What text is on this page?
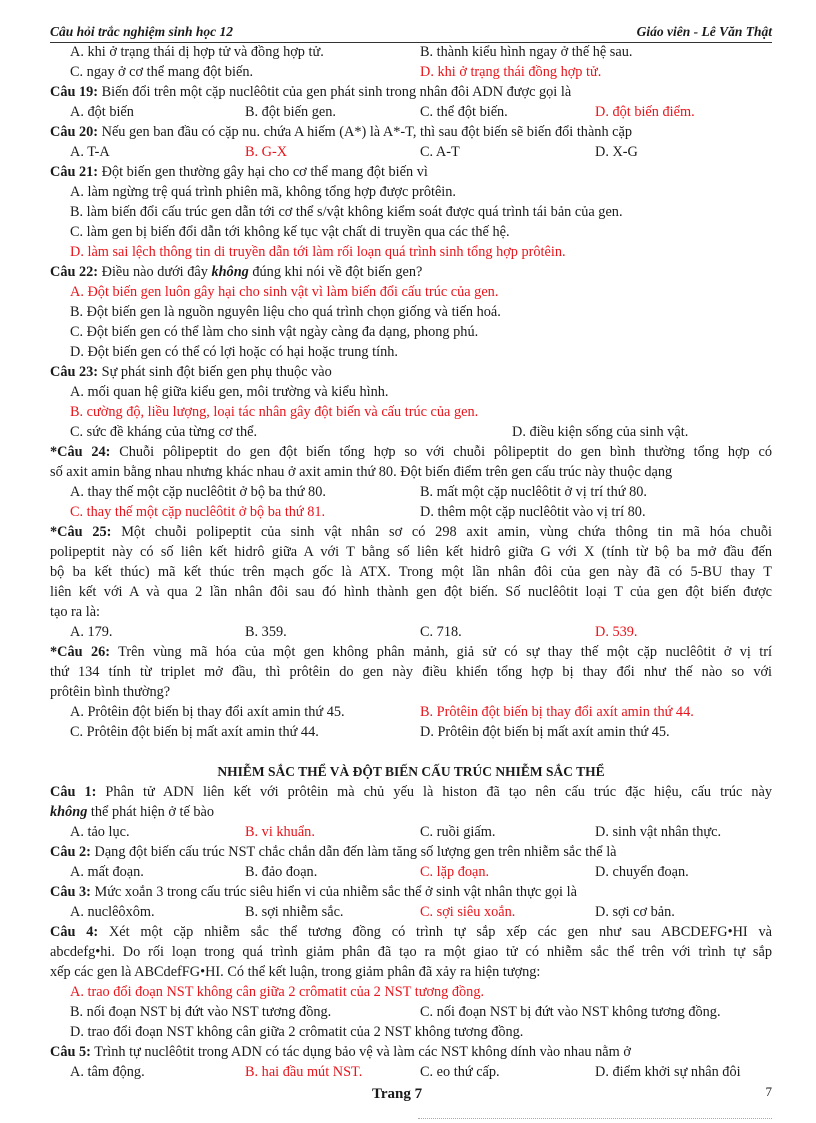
Câu hỏi trắc nghiệm sinh học 12	Giáo viên - Lê Văn Thật
A. khi ở trạng thái dị hợp tử và đồng hợp tử.	B. thành kiểu hình ngay ở thế hệ sau.
C. ngay ở cơ thể mang đột biến.	D. khi ở trạng thái đồng hợp tử.
Câu 19: Biến đổi trên một cặp nuclêôtit của gen phát sinh trong nhân đôi ADN được gọi là
A. đột biến	B. đột biến gen.	C. thể đột biến.	D. đột biến điểm.
Câu 20: Nếu gen ban đầu có cặp nu. chứa A hiếm (A*) là A*-T, thì sau đột biến sẽ biến đổi thành cặp
A. T-A	B. G-X	C. A-T	D. X-G
Câu 21: Đột biến gen thường gây hại cho cơ thể mang đột biến vì
A. làm ngừng trệ quá trình phiên mã, không tổng hợp được prôtêin.
B. làm biến đổi cấu trúc gen dẫn tới cơ thể s/vật không kiểm soát được quá trình tái bản của gen.
C. làm gen bị biến đổi dẫn tới không kế tục vật chất di truyền qua các thế hệ.
D. làm sai lệch thông tin di truyền dẫn tới làm rối loạn quá trình sinh tổng hợp prôtêin.
Câu 22: Điều nào dưới đây không đúng khi nói về đột biến gen?
A. Đột biến gen luôn gây hại cho sinh vật vì làm biến đổi cấu trúc của gen.
B. Đột biến gen là nguồn nguyên liệu cho quá trình chọn giống và tiến hoá.
C. Đột biến gen có thể làm cho sinh vật ngày càng đa dạng, phong phú.
D. Đột biến gen có thể có lợi hoặc có hại hoặc trung tính.
Câu 23: Sự phát sinh đột biến gen phụ thuộc vào
A. mối quan hệ giữa kiểu gen, môi trường và kiểu hình.
B. cường độ, liều lượng, loại tác nhân gây đột biến và cấu trúc của gen.
C. sức đề kháng của từng cơ thể.	D. điều kiện sống của sinh vật.
*Câu 24: Chuỗi pôlipeptit do gen đột biến tổng hợp so với chuỗi pôlipeptit do gen bình thường tổng hợp có
số axit amin bằng nhau nhưng khác nhau ở axit amin thứ 80. Đột biến điểm trên gen cấu trúc này thuộc dạng
A. thay thế một cặp nuclêôtit ở bộ ba thứ 80.	B. mất một cặp nuclêôtit ở vị trí thứ 80.
C. thay thế một cặp nuclêôtit ở bộ ba thứ 81.	D. thêm một cặp nuclêôtit vào vị trí 80.
*Câu 25: Một chuỗi polipeptit của sinh vật nhân sơ có 298 axit amin, vùng chứa thông tin mã hóa chuỗi
polipeptit này có số liên kết hidrô giữa A với T bằng số liên kết hidrô giữa G với X (tính từ bộ ba mở đầu đến
bộ ba kết thúc) mã kết thúc trên mạch gốc là ATX. Trong một lần nhân đôi của gen này đã có 5-BU thay T
liên kết với A và qua 2 lần nhân đôi sau đó hình thành gen đột biến. Số nuclêôtit loại T của gen đột biến được
tạo ra là:
A. 179.	B. 359.	C. 718.	D. 539.
*Câu 26: Trên vùng mã hóa của một gen không phân mảnh, giả sử có sự thay thế một cặp nuclêôtit ở vị trí
thứ 134 tính từ triplet mở đầu, thì prôtêin do gen này điều khiển tổng hợp bị thay đổi như thế nào so với
prôtêin bình thường?
A. Prôtêin đột biến bị thay đổi axít amin thứ 45.	B. Prôtêin đột biến bị thay đổi axít amin thứ 44.
C. Prôtêin đột biến bị mất axít amin thứ 44.	D. Prôtêin đột biến bị mất axít amin thứ 45.
NHIỄM SẮC THỂ VÀ ĐỘT BIẾN CẤU TRÚC NHIỄM SẮC THỂ
Câu 1: Phân tử ADN liên kết với prôtêin mà chủ yếu là histon đã tạo nên cấu trúc đặc hiệu, cấu trúc này
không thể phát hiện ở tế bào
A. tảo lục.	B. vi khuẩn.	C. ruồi giấm.	D. sinh vật nhân thực.
Câu 2: Dạng đột biến cấu trúc NST chắc chắn dẫn đến làm tăng số lượng gen trên nhiễm sắc thể là
A. mất đoạn.	B. đảo đoạn.	C. lặp đoạn.	D. chuyển đoạn.
Câu 3: Mức xoắn 3 trong cấu trúc siêu hiển vi của nhiễm sắc thể ở sinh vật nhân thực gọi là
A. nuclêôxôm.	B. sợi nhiễm sắc.	C. sợi siêu xoắn.	D. sợi cơ bản.
Câu 4: Xét một cặp nhiễm sắc thể tương đồng có trình tự sắp xếp các gen như sau ABCDEFG•HI và
abcdefg•hi. Do rối loạn trong quá trình giảm phân đã tạo ra một giao tử có nhiễm sắc thể trên với trình tự sắp
xếp các gen là ABCdefFG•HI. Có thể kết luận, trong giảm phân đã xảy ra hiện tượng:
A. trao đổi đoạn NST không cân giữa 2 crômatit của 2 NST tương đồng.
B. nối đoạn NST bị đứt vào NST tương đồng.	C. nối đoạn NST bị đứt vào NST không tương đồng.
D. trao đổi đoạn NST không cân giữa 2 crômatit của 2 NST không tương đồng.
Câu 5: Trình tự nuclêôtit trong ADN có tác dụng bảo vệ và làm các NST không dính vào nhau nằm ở
A. tâm động.	B. hai đầu mút NST.	C. eo thứ cấp.	D. điểm khởi sự nhân đôi
Trang 7	7
